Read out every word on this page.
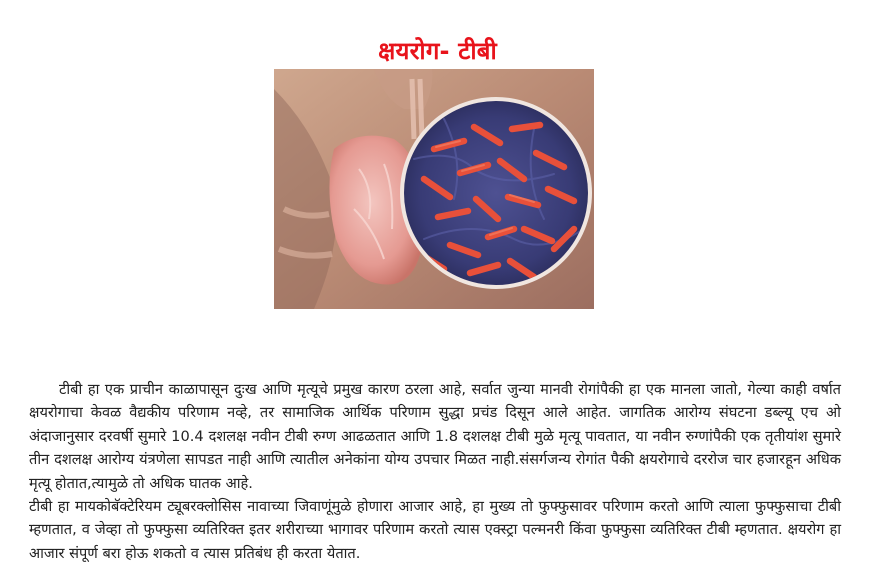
क्षयरोग- टीबी

टीबी हा एक प्राचीन काळापासून दुःख आणि मृत्यूचे प्रमुख कारण ठरला आहे, सर्वात जुन्या मानवी रोगांपैकी हा एक मानला जातो, गेल्या काही वर्षात क्षयरोगाचा केवळ वैद्यकीय परिणाम नव्हे, तर सामाजिक आर्थिक परिणाम सुद्धा प्रचंड दिसून आले आहेत. जागतिक आरोग्य संघटना डब्ल्यू एच ओ अंदाजानुसार दरवर्षी सुमारे 10.4 दशलक्ष नवीन टीबी रुग्ण आढळतात आणि 1.8 दशलक्ष टीबी मुळे मृत्यू पावतात, या नवीन रुग्णांपैकी एक तृतीयांश सुमारे तीन दशलक्ष आरोग्य यंत्रणेला सापडत नाही आणि त्यातील अनेकांना योग्य उपचार मिळत नाही.संसर्गजन्य रोगांत पैकी क्षयरोगाचे दररोज चार हजारहून अधिक मृत्यू होतात,त्यामुळे तो अधिक घातक आहे.

टीबी हा मायकोबॅक्टेरियम ट्यूबरक्लोसिस नावाच्या जिवाणूंमुळे होणारा आजार आहे, हा मुख्य तो फुफ्फुसावर परिणाम करतो आणि त्याला फुफ्फुसाचा टीबी म्हणतात, व जेव्हा तो फुफ्फुसा व्यतिरिक्त इतर शरीराच्या भागावर परिणाम करतो त्यास एक्स्ट्रा पल्मनरी किंवा फुफ्फुसा व्यतिरिक्त टीबी म्हणतात. क्षयरोग हा आजार संपूर्ण बरा होऊ शकतो व त्यास प्रतिबंध ही करता येतात.
